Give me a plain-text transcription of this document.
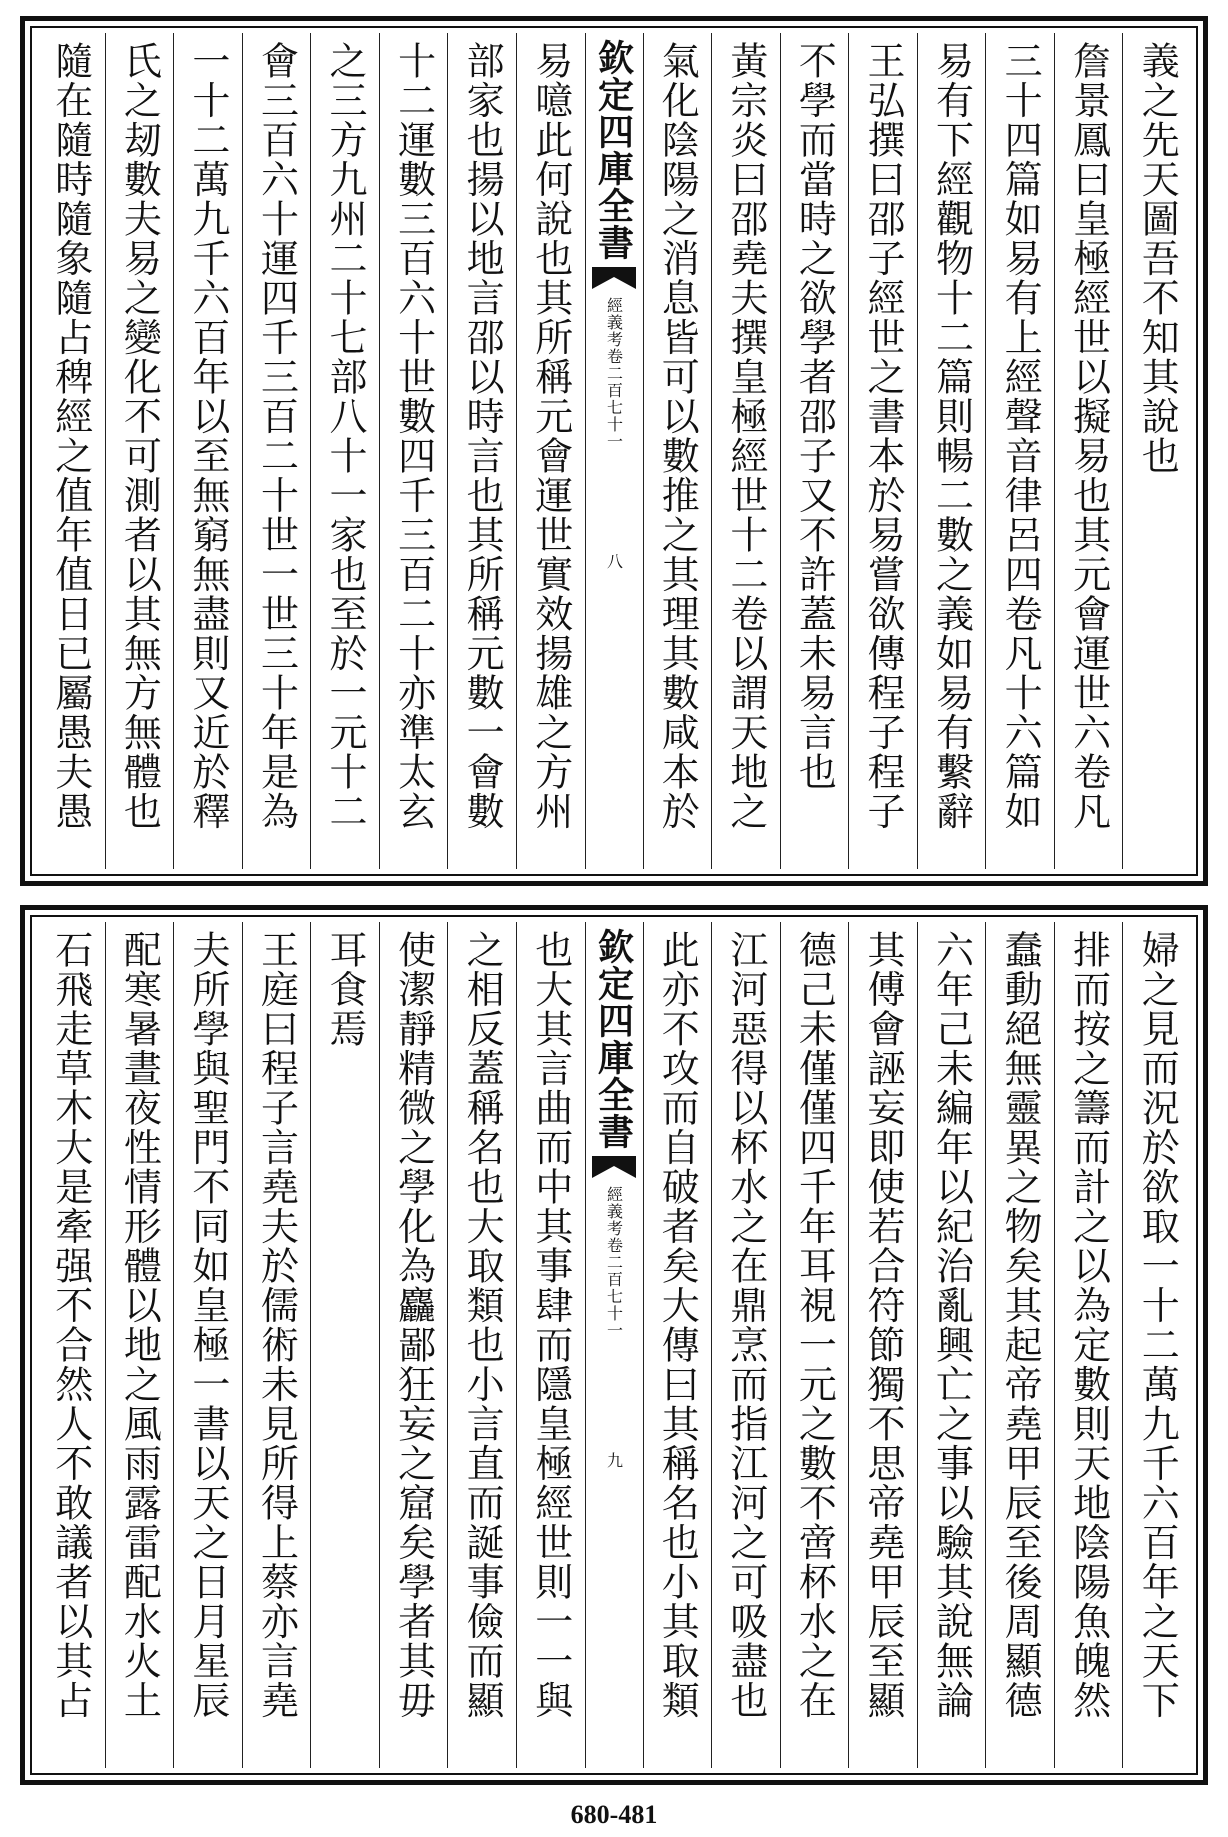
義之先天圖吾不知其說也
詹景鳳曰皇極經世以擬易也其元會運世六卷凡
三十四篇如易有上經聲音律呂四卷凡十六篇如
易有下經觀物十二篇則暢二數之義如易有繫辭
王弘撰曰邵子經世之書本於易嘗欲傳程子程子
不學而當時之欲學者邵子又不許蓋未易言也
黃宗炎曰邵堯夫撰皇極經世十二卷以謂天地之
氣化陰陽之消息皆可以數推之其理其數咸本於
欽定四庫全書
經義考
卷二百七十一
八
易噫此何說也其所稱元會運世實效揚雄之方州
部家也揚以地言邵以時言也其所稱元數一會數
十二運數三百六十世數四千三百二十亦準太玄
之三方九州二十七部八十一家也至於一元十二
會三百六十運四千三百二十世一世三十年是為
一十二萬九千六百年以至無窮無盡則又近於釋
氏之刼數夫易之變化不可測者以其無方無體也
隨在隨時隨象隨占稗經之值年值日已屬愚夫愚
婦之見而況於欲取一十二萬九千六百年之天下
排而按之籌而計之以為定數則天地陰陽魚魄然
蠢動絕無靈異之物矣其起帝堯甲辰至後周顯德
六年己未編年以紀治亂興亡之事以驗其說無論
其傅會誣妄即使若合符節獨不思帝堯甲辰至顯
德己未僅僅四千年耳視一元之數不啻杯水之在
江河惡得以杯水之在鼎烹而指江河之可吸盡也
此亦不攻而自破者矣大傳曰其稱名也小其取類
欽定四庫全書
經義考
卷二百七十一
九
也大其言曲而中其事肆而隱皇極經世則一一與
之相反蓋稱名也大取類也小言直而誕事儉而顯
使潔靜精微之學化為麤鄙狂妄之窟矣學者其毋
耳食焉
王庭曰程子言堯夫於儒術未見所得上蔡亦言堯
夫所學與聖門不同如皇極一書以天之日月星辰
配寒暑晝夜性情形體以地之風雨露雷配水火土
石飛走草木大是牽强不合然人不敢議者以其占
680-481
